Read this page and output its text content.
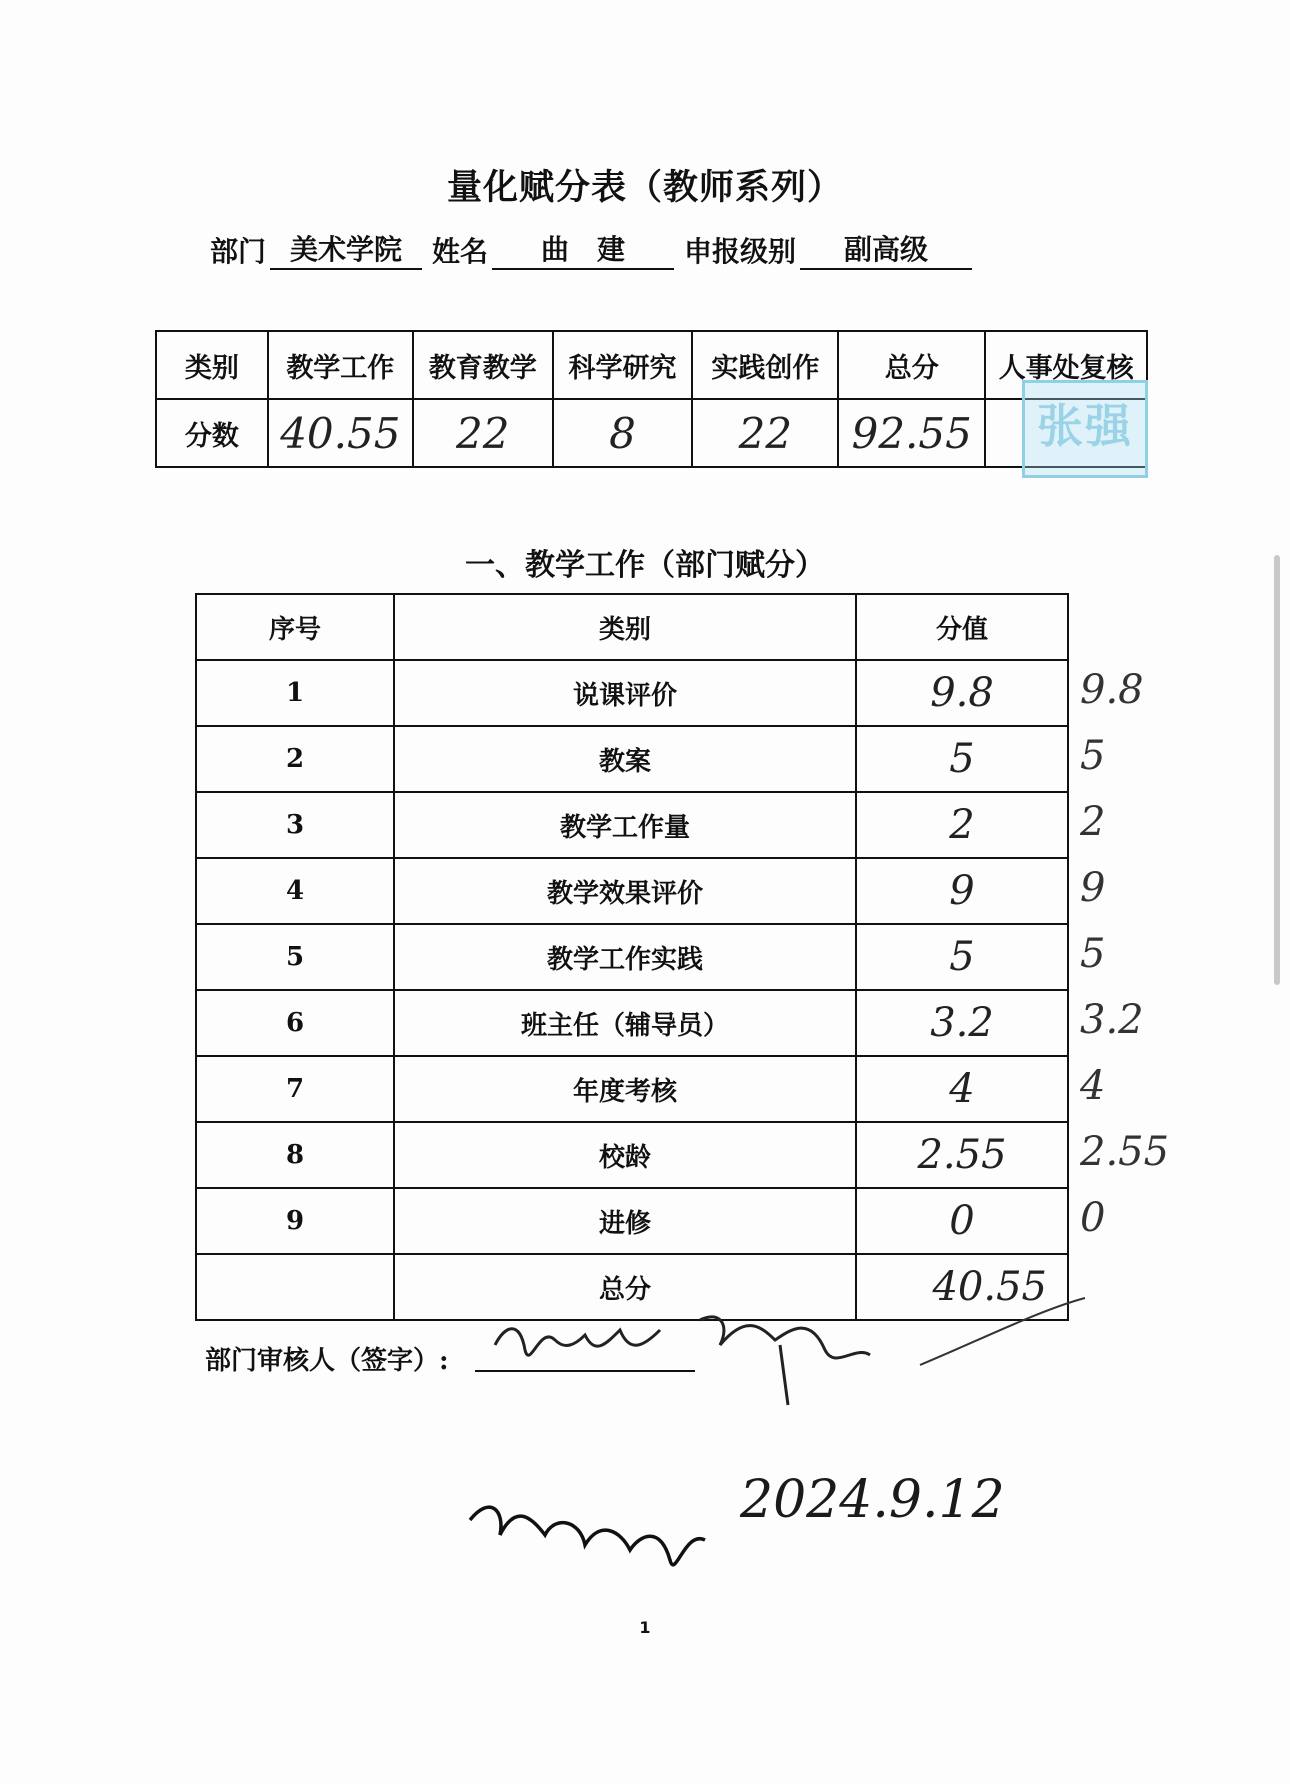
量化赋分表（教师系列）
部门 美术学院	姓名	曲　建	申报级别	副高级
类别	教学工作	教育教学	科学研究	实践创作	总分	人事处复核
分数	40.55	22	8	22	92.55	张强
一、教学工作（部门赋分）
序号	类别	分值
1	说课评价	9.8
2	教案	5
3	教学工作量	2
4	教学效果评价	9
5	教学工作实践	5
6	班主任（辅导员）	3.2
7	年度考核	4
8	校龄	2.55
9	进修	0
	总分	40.55
9.8
5
2
9
5
3.2
4
2.55
0
部门审核人（签字）:
2024.9.12
1
